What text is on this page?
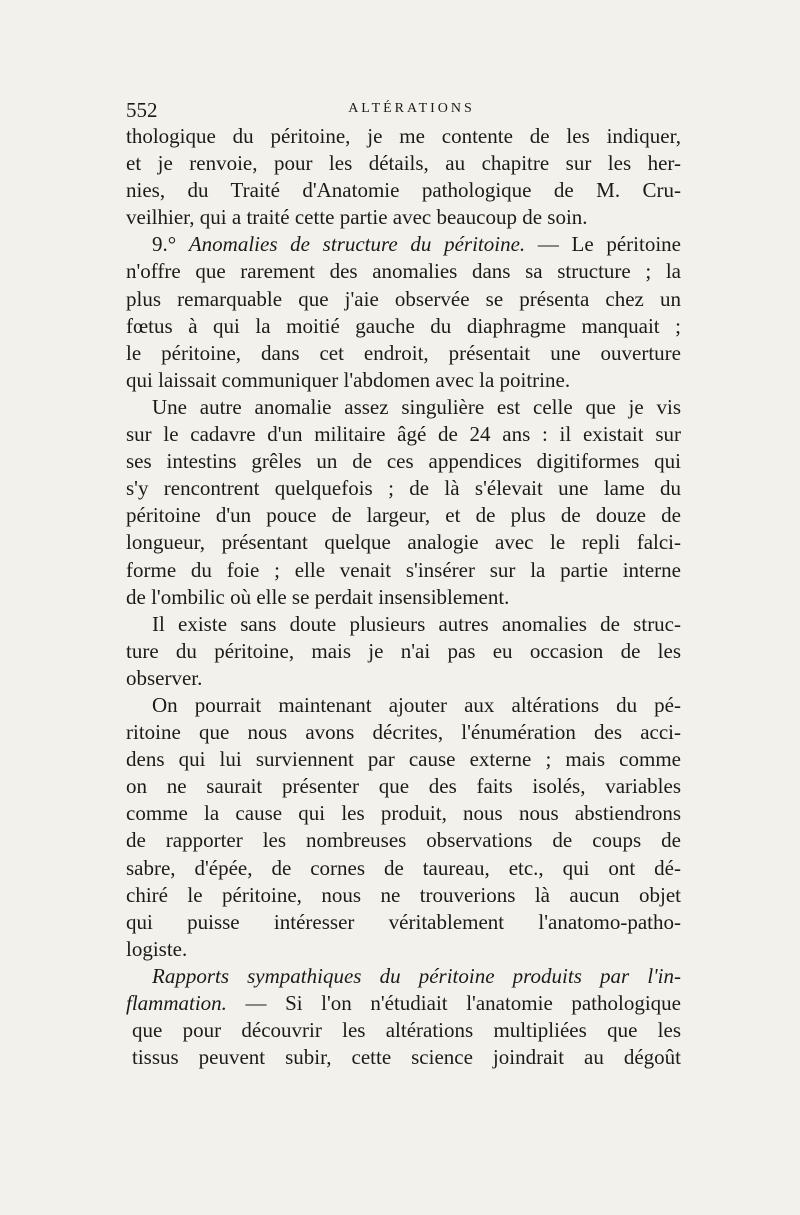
552	ALTÉRATIONS
thologique du péritoine, je me contente de les indiquer,
et je renvoie, pour les détails, au chapitre sur les her-
nies, du Traité d'Anatomie pathologique de M. Cru-
veilhier, qui a traité cette partie avec beaucoup de soin.
9.° Anomalies de structure du péritoine. — Le péritoine
n'offre que rarement des anomalies dans sa structure ; la
plus remarquable que j'aie observée se présenta chez un
fœtus à qui la moitié gauche du diaphragme manquait ;
le péritoine, dans cet endroit, présentait une ouverture
qui laissait communiquer l'abdomen avec la poitrine.
Une autre anomalie assez singulière est celle que je vis
sur le cadavre d'un militaire âgé de 24 ans : il existait sur
ses intestins grêles un de ces appendices digitiformes qui
s'y rencontrent quelquefois ; de là s'élevait une lame du
péritoine d'un pouce de largeur, et de plus de douze de
longueur, présentant quelque analogie avec le repli falci-
forme du foie ; elle venait s'insérer sur la partie interne
de l'ombilic où elle se perdait insensiblement.
Il existe sans doute plusieurs autres anomalies de struc-
ture du péritoine, mais je n'ai pas eu occasion de les
observer.
On pourrait maintenant ajouter aux altérations du pé-
ritoine que nous avons décrites, l'énumération des acci-
dens qui lui surviennent par cause externe ; mais comme
on ne saurait présenter que des faits isolés, variables
comme la cause qui les produit, nous nous abstiendrons
de rapporter les nombreuses observations de coups de
sabre, d'épée, de cornes de taureau, etc., qui ont dé-
chiré le péritoine, nous ne trouverions là aucun objet
qui puisse intéresser véritablement l'anatomo-patho-
logiste.
Rapports sympathiques du péritoine produits par l'in-
flammation. — Si l'on n'étudiait l'anatomie pathologique
que pour découvrir les altérations multipliées que les
tissus peuvent subir, cette science joindrait au dégoût
